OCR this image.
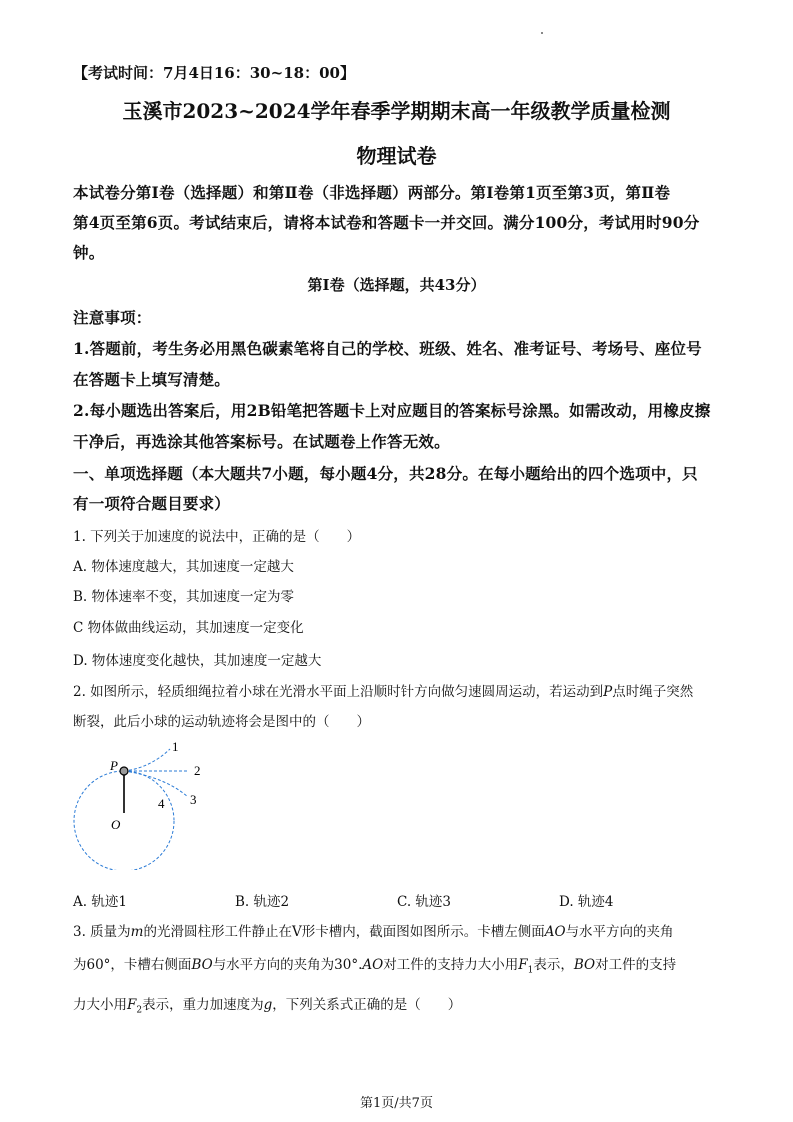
【考试时间：7月4日16：30~18：00】
玉溪市2023~2024学年春季学期期末高一年级教学质量检测
物理试卷
本试卷分第Ⅰ卷（选择题）和第Ⅱ卷（非选择题）两部分。第Ⅰ卷第1页至第3页，第Ⅱ卷
第4页至第6页。考试结束后，请将本试卷和答题卡一并交回。满分100分，考试用时90分
钟。
第Ⅰ卷（选择题，共43分）
注意事项：
1.答题前，考生务必用黑色碳素笔将自己的学校、班级、姓名、准考证号、考场号、座位号
在答题卡上填写清楚。
2.每小题选出答案后，用2B铅笔把答题卡上对应题目的答案标号涂黑。如需改动，用橡皮擦
干净后，再选涂其他答案标号。在试题卷上作答无效。
一、单项选择题（本大题共7小题，每小题4分，共28分。在每小题给出的四个选项中，只
有一项符合题目要求）
1. 下列关于加速度的说法中，正确的是（　　）
A. 物体速度越大，其加速度一定越大
B. 物体速率不变，其加速度一定为零
C 物体做曲线运动，其加速度一定变化
D. 物体速度变化越快，其加速度一定越大
2. 如图所示，轻质细绳拉着小球在光滑水平面上沿顺时针方向做匀速圆周运动，若运动到P点时绳子突然
断裂，此后小球的运动轨迹将会是图中的（　　）
P
O
1
2
3
4
A. 轨迹1	B. 轨迹2	C. 轨迹3	D. 轨迹4
3. 质量为m的光滑圆柱形工件静止在V形卡槽内，截面图如图所示。卡槽左侧面AO与水平方向的夹角
为60°，卡槽右侧面BO与水平方向的夹角为30°.AO对工件的支持力大小用$F_1$表示，BO对工件的支持
力大小用$F_2$表示，重力加速度为g，下列关系式正确的是（　　）
第1页/共7页
